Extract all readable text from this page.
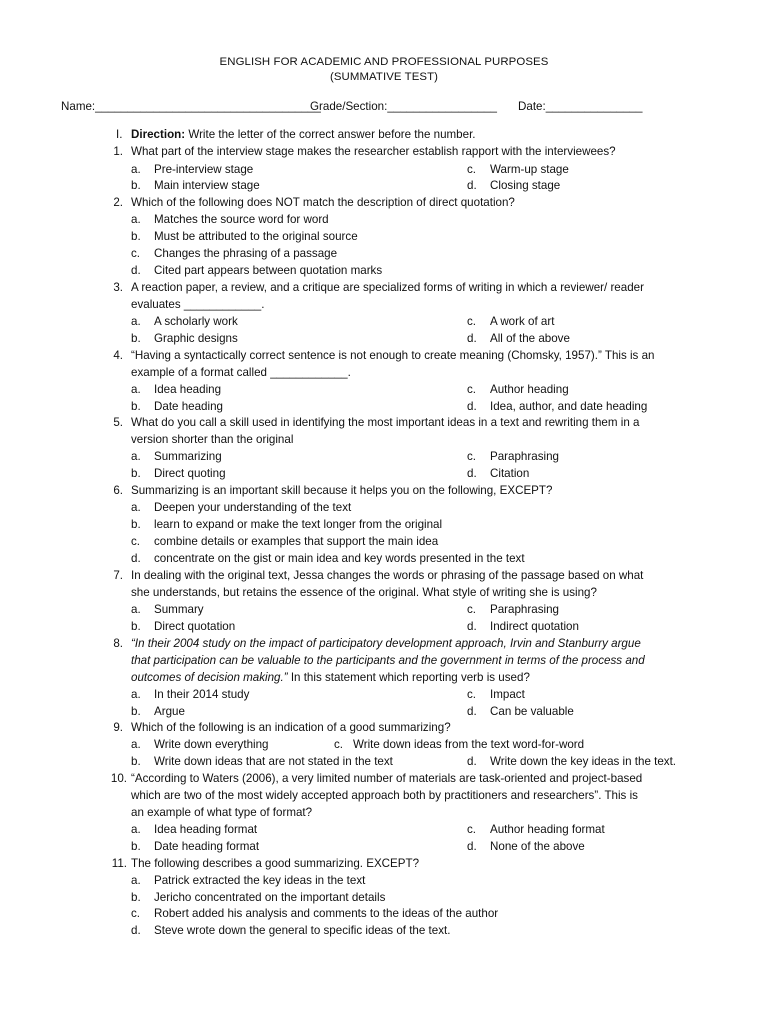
ENGLISH FOR ACADEMIC AND PROFESSIONAL PURPOSES
(SUMMATIVE TEST)
Name:___________________________________
Grade/Section:_________________ Date:_______________
I. Direction: Write the letter of the correct answer before the number.
1. What part of the interview stage makes the researcher establish rapport with the interviewees?
a. Pre-interview stage	c. Warm-up stage
b. Main interview stage	d. Closing stage
2. Which of the following does NOT match the description of direct quotation?
a. Matches the source word for word
b. Must be attributed to the original source
c. Changes the phrasing of a passage
d. Cited part appears between quotation marks
3. A reaction paper, a review, and a critique are specialized forms of writing in which a reviewer/ reader
evaluates ____________.
a. A scholarly work	c. A work of art
b. Graphic designs	d. All of the above
4. “Having a syntactically correct sentence is not enough to create meaning (Chomsky, 1957).” This is an
example of a format called ____________.
a. Idea heading	c. Author heading
b. Date heading	d. Idea, author, and date heading
5. What do you call a skill used in identifying the most important ideas in a text and rewriting them in a
version shorter than the original
a. Summarizing	c. Paraphrasing
b. Direct quoting	d. Citation
6. Summarizing is an important skill because it helps you on the following, EXCEPT?
a. Deepen your understanding of the text
b. learn to expand or make the text longer from the original
c. combine details or examples that support the main idea
d. concentrate on the gist or main idea and key words presented in the text
7. In dealing with the original text, Jessa changes the words or phrasing of the passage based on what
she understands, but retains the essence of the original. What style of writing she is using?
a. Summary	c. Paraphrasing
b. Direct quotation	d. Indirect quotation
8. “In their 2004 study on the impact of participatory development approach, Irvin and Stanburry argue
that participation can be valuable to the participants and the government in terms of the process and
outcomes of decision making.” In this statement which reporting verb is used?
a. In their 2014 study	c. Impact
b. Argue	d. Can be valuable
9. Which of the following is an indication of a good summarizing?
a. Write down everything	c. Write down ideas from the text word-for-word
b. Write down ideas that are not stated in the text	d. Write down the key ideas in the text.
10. “According to Waters (2006), a very limited number of materials are task-oriented and project-based
which are two of the most widely accepted approach both by practitioners and researchers”. This is
an example of what type of format?
a. Idea heading format	c. Author heading format
b. Date heading format	d. None of the above
11. The following describes a good summarizing. EXCEPT?
a. Patrick extracted the key ideas in the text
b. Jericho concentrated on the important details
c. Robert added his analysis and comments to the ideas of the author
d. Steve wrote down the general to specific ideas of the text.
